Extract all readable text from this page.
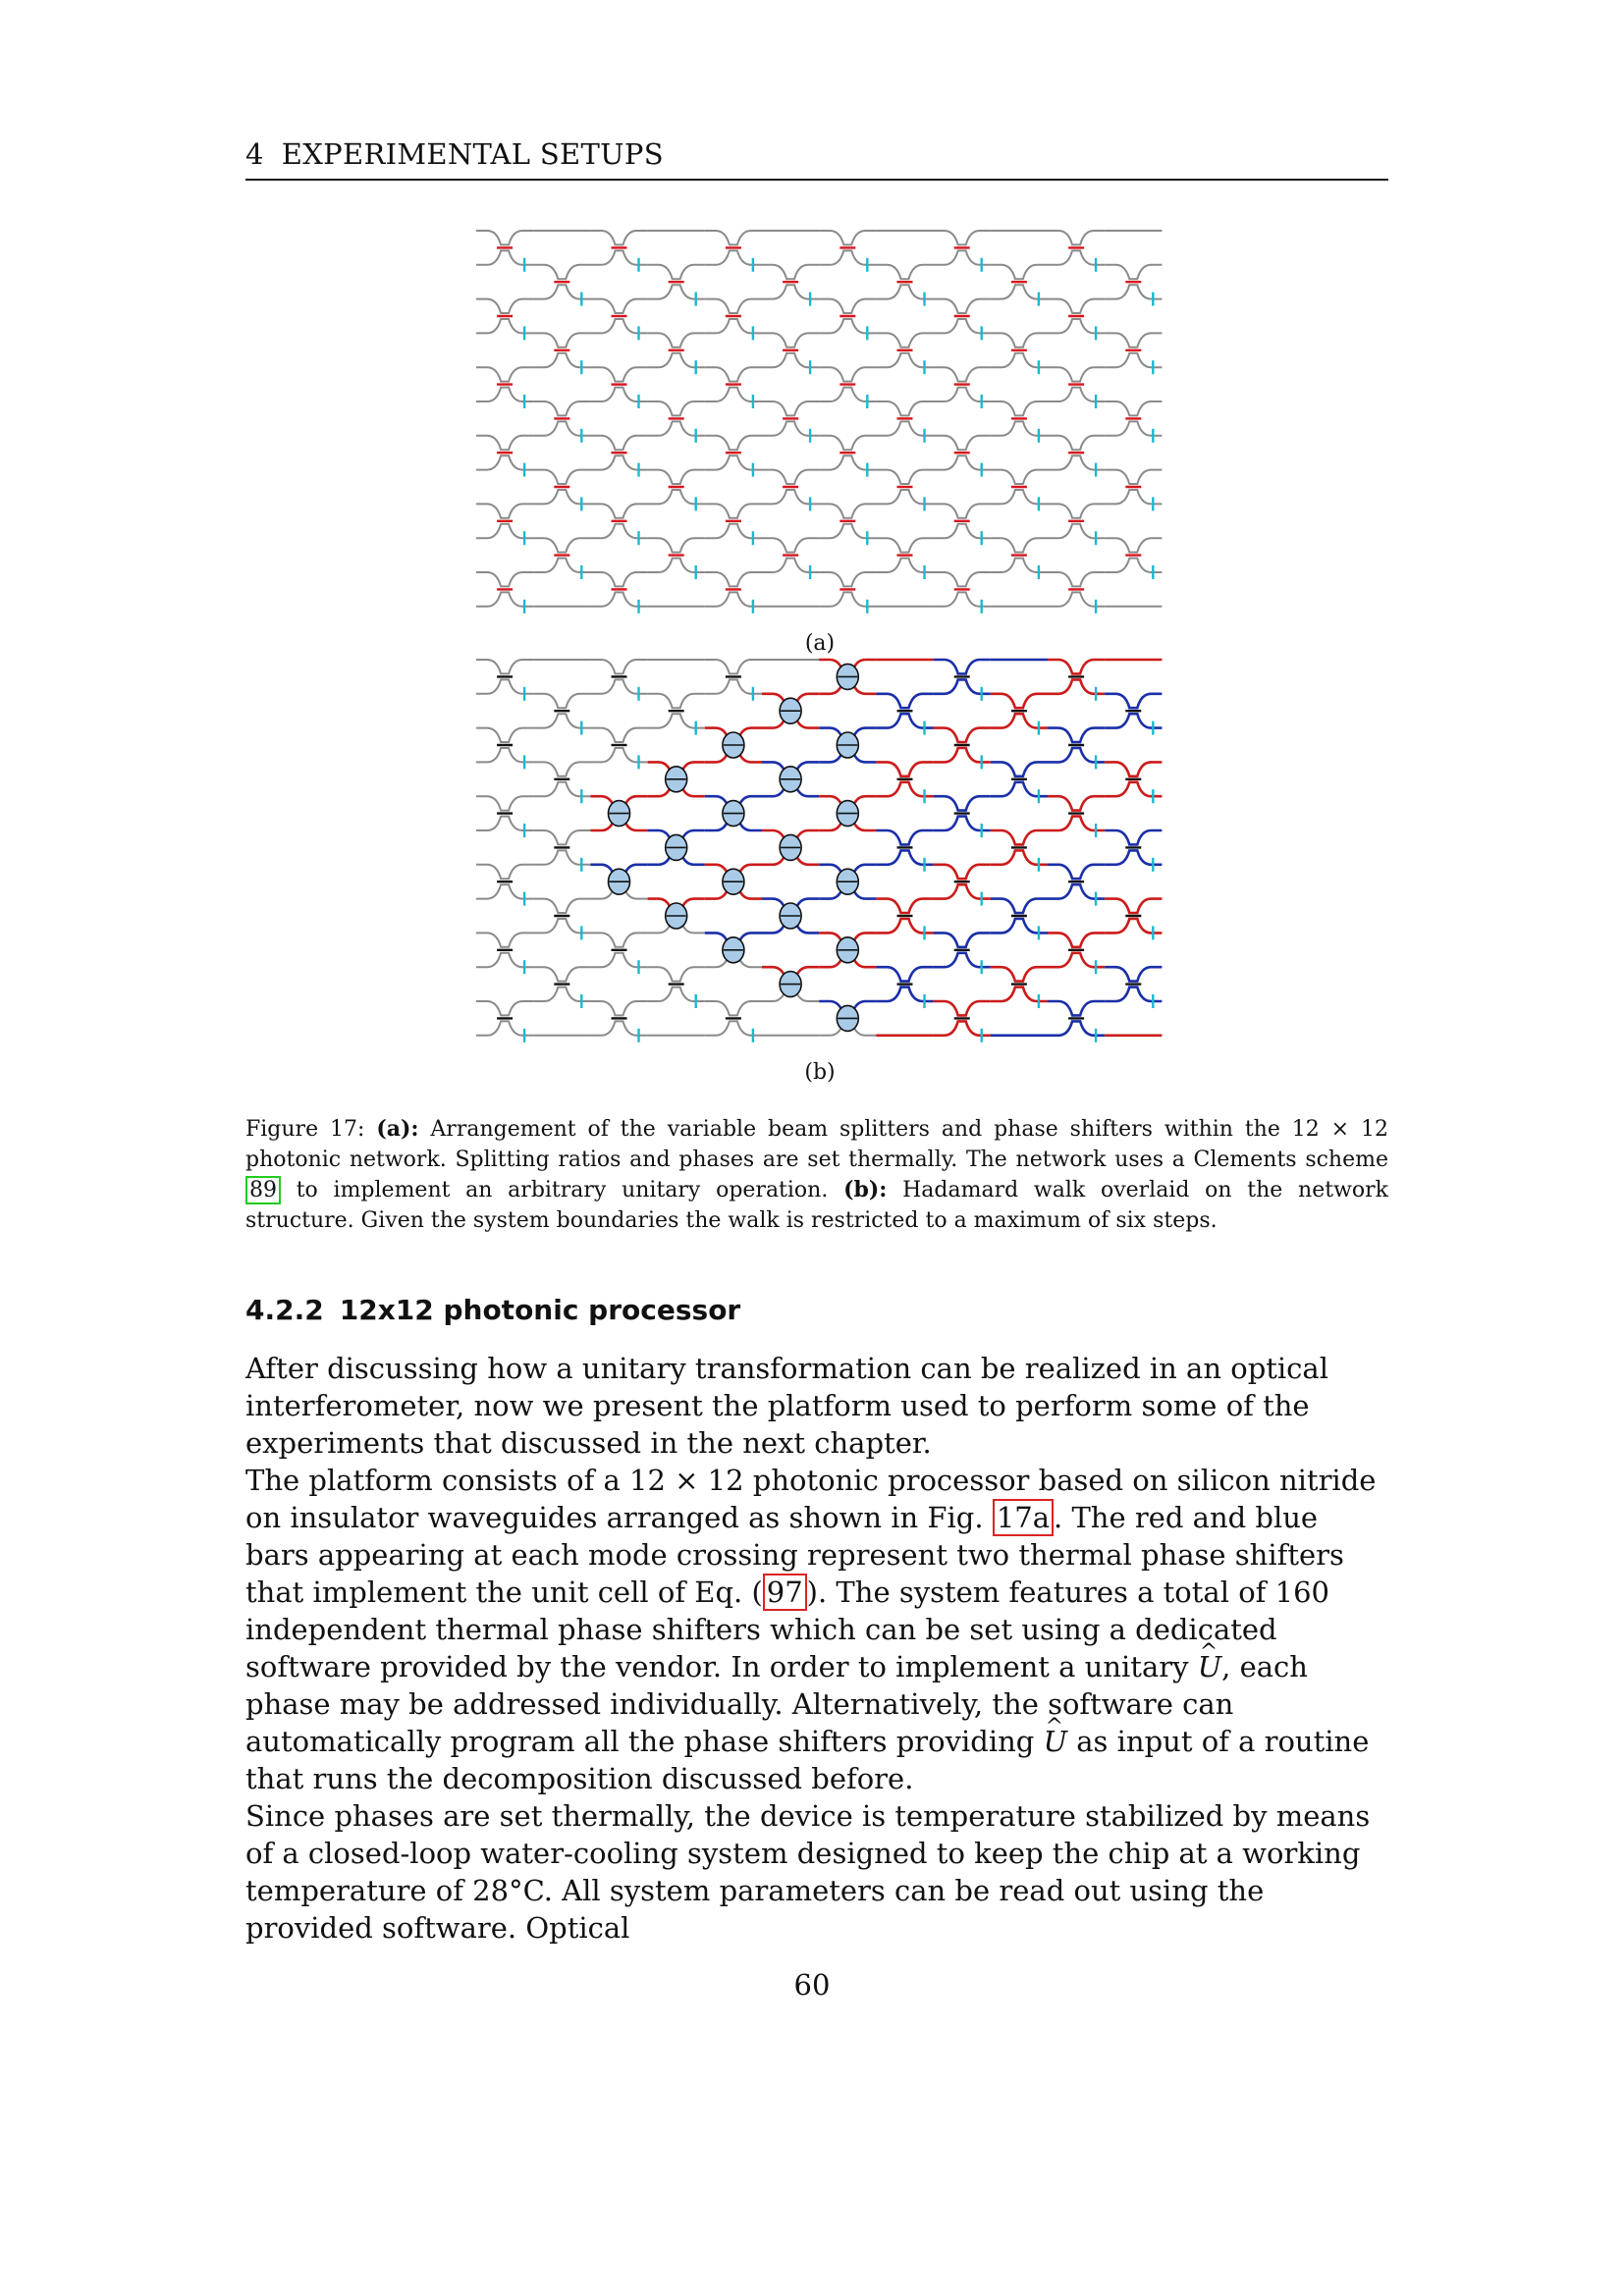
4 EXPERIMENTAL SETUPS
(a)
(b)
Figure 17: (a): Arrangement of the variable beam splitters and phase shifters within the 12 × 12 photonic network. Splitting ratios and phases are set thermally. The network uses a Clements scheme 89 to implement an arbitrary unitary operation. (b): Hadamard walk overlaid on the network structure. Given the system boundaries the walk is restricted to a maximum of six steps.
4.2.2 12x12 photonic processor

After discussing how a unitary transformation can be realized in an optical interferometer, now we present the platform used to perform some of the experiments that discussed in the next chapter.

The platform consists of a 12 × 12 photonic processor based on silicon nitride on insulator waveguides arranged as shown in Fig. 17a . The red and blue bars appearing at each mode crossing represent two thermal phase shifters that implement the unit cell of Eq. ( 97 ). The system features a total of 160 independent thermal phase shifters which can be set using a dedicated software provided by the vendor. In order to implement a unitary ^ U, each phase may be addressed individually. Alternatively, the software can automatically program all the phase shifters providing ^ U as input of a routine that runs the decomposition discussed before.

Since phases are set thermally, the device is temperature stabilized by means of a closed-loop water-cooling system designed to keep the chip at a working temperature of 28°C. All system parameters can be read out using the provided software. Optical

60
